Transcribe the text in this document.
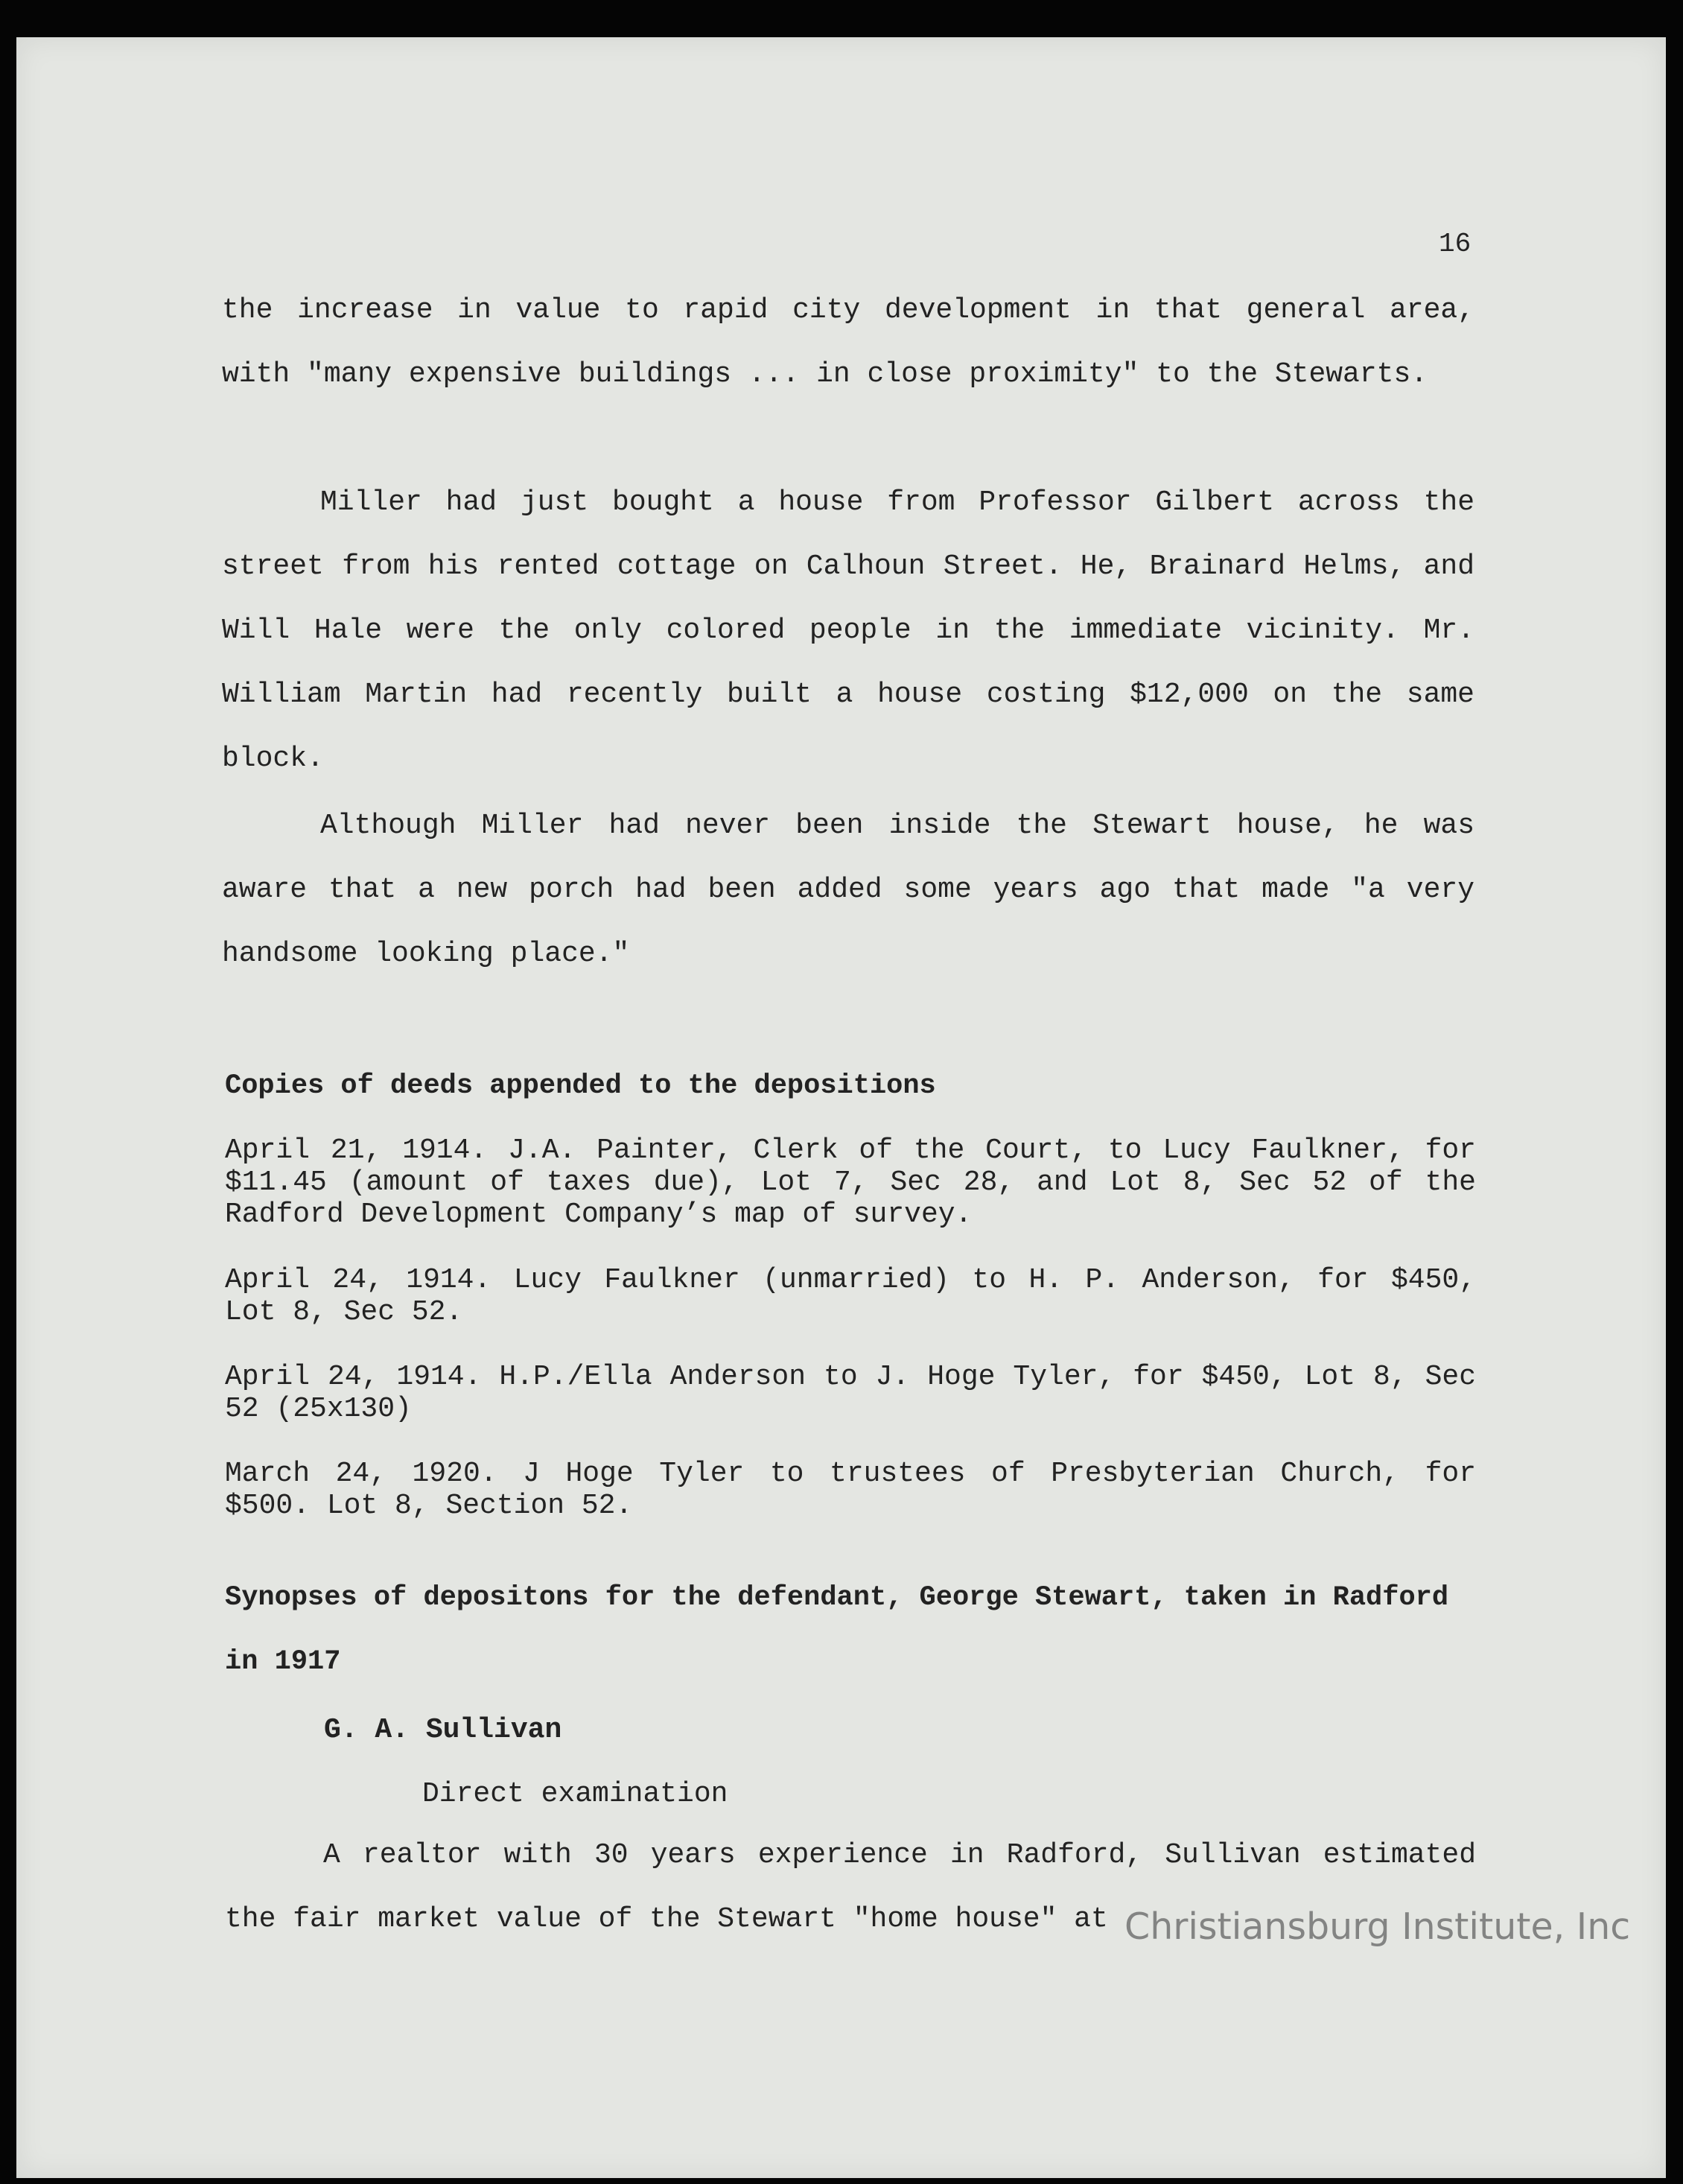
16
the increase in value to rapid city development in that general area, with "many expensive buildings ... in close proximity" to the Stewarts.
Miller had just bought a house from Professor Gilbert across the street from his rented cottage on Calhoun Street. He, Brainard Helms, and Will Hale were the only colored people in the immediate vicinity. Mr. William Martin had recently built a house costing $12,000 on the same block.
Although Miller had never been inside the Stewart house, he was aware that a new porch had been added some years ago that made "a very handsome looking place."
Copies of deeds appended to the depositions
April 21, 1914. J.A. Painter, Clerk of the Court, to Lucy Faulkner, for $11.45 (amount of taxes due), Lot 7, Sec 28, and Lot 8, Sec 52 of the Radford Development Company’s map of survey.
April 24, 1914. Lucy Faulkner (unmarried) to H. P. Anderson, for $450, Lot 8, Sec 52.
April 24, 1914. H.P./Ella Anderson to J. Hoge Tyler, for $450, Lot 8, Sec 52 (25x130)
March 24, 1920. J Hoge Tyler to trustees of Presbyterian Church, for $500. Lot 8, Section 52.
Synopses of depositons for the defendant, George Stewart, taken in Radford in 1917
G. A. Sullivan
Direct examination
A realtor with 30 years experience in Radford, Sullivan estimated the fair market value of the Stewart "home house" at Christiansburg Institute, Inc
